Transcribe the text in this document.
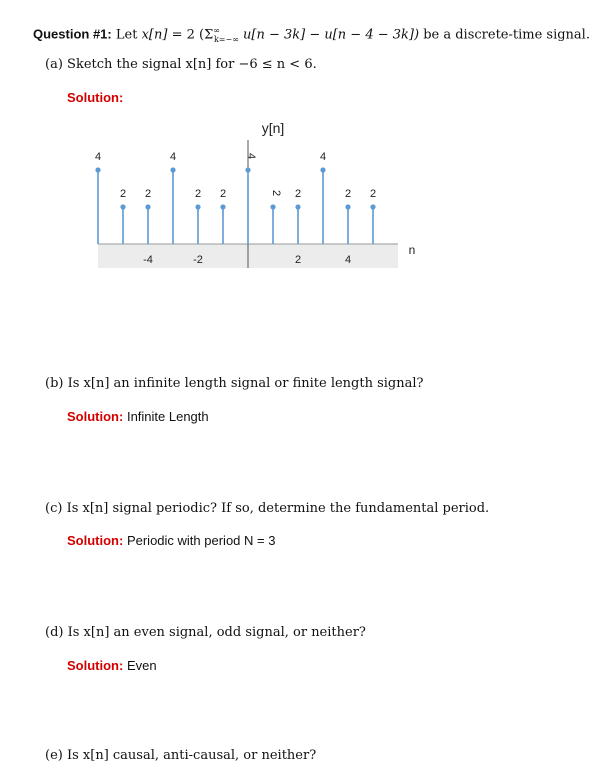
Question #1: Let x[n] = 2 ($\Sigma^\infty_{k=-\infty}$ u[n − 3k] − u[n − 4 − 3k]) be a discrete-time signal.
(a) Sketch the signal x[n] for −6 ≤ n < 6.
Solution:
y[n]
n
4
2 2
4
2 2
4
2 2
4
2 2
-4	-2	2	4
(b) Is x[n] an infinite length signal or finite length signal?
Solution: Infinite Length
(c) Is x[n] signal periodic? If so, determine the fundamental period.
Solution: Periodic with period N = 3
(d) Is x[n] an even signal, odd signal, or neither?
Solution: Even
(e) Is x[n] causal, anti-causal, or neither?
